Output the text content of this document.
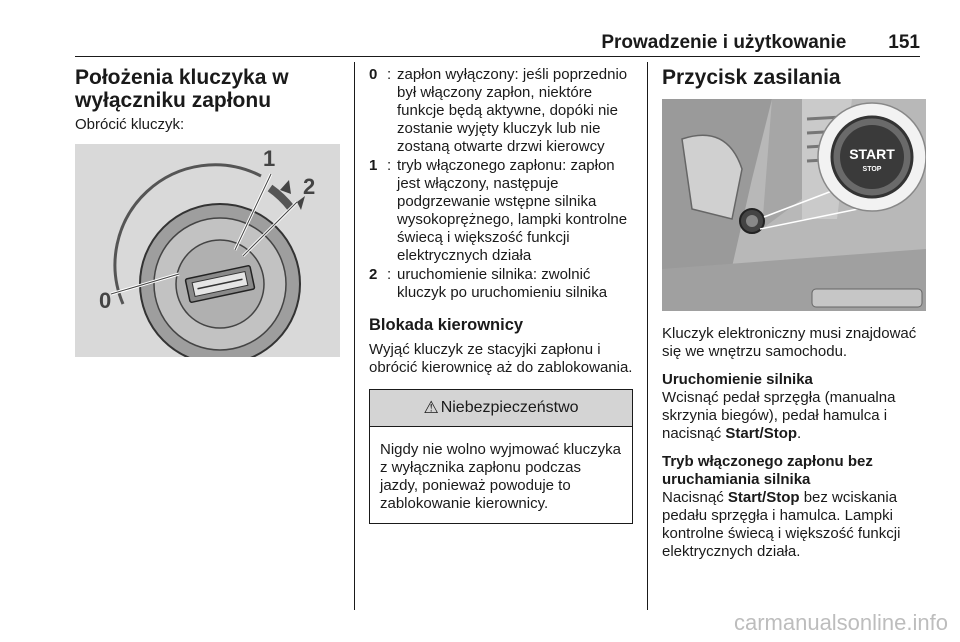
Prowadzenie i użytkowanie 151
Położenia kluczyka w wyłączniku zapłonu

Obrócić kluczyk:

1
2
0
0 : zapłon wyłączony: jeśli poprzednio był włączony zapłon, niektóre funkcje będą aktywne, dopóki nie zostanie wyjęty kluczyk lub nie zostaną otwarte drzwi kierowcy
1 : tryb włączonego zapłonu: zapłon jest włączony, następuje podgrzewanie wstępne silnika wysokoprężnego, lampki kontrolne świecą i większość funkcji elektrycznych działa
2 : uruchomienie silnika: zwolnić kluczyk po uruchomieniu silnika
Blokada kierownicy

Wyjąć kluczyk ze stacyjki zapłonu i obrócić kierownicę aż do zablokowania.

⚠ Niebezpieczeństwo

Nigdy nie wolno wyjmować kluczyka z wyłącznika zapłonu podczas jazdy, ponieważ powoduje to zablokowanie kierownicy.

Przycisk zasilania
START
STOP

Kluczyk elektroniczny musi znajdować się we wnętrzu samochodu.

Uruchomienie silnika

Wcisnąć pedał sprzęgła (manualna skrzynia biegów), pedał hamulca i nacisnąć Start/Stop.

Tryb włączonego zapłonu bez uruchamiania silnika

Nacisnąć Start/Stop bez wciskania pedału sprzęgła i hamulca. Lampki kontrolne świecą i większość funkcji elektrycznych działa.

carmanualsonline.info
